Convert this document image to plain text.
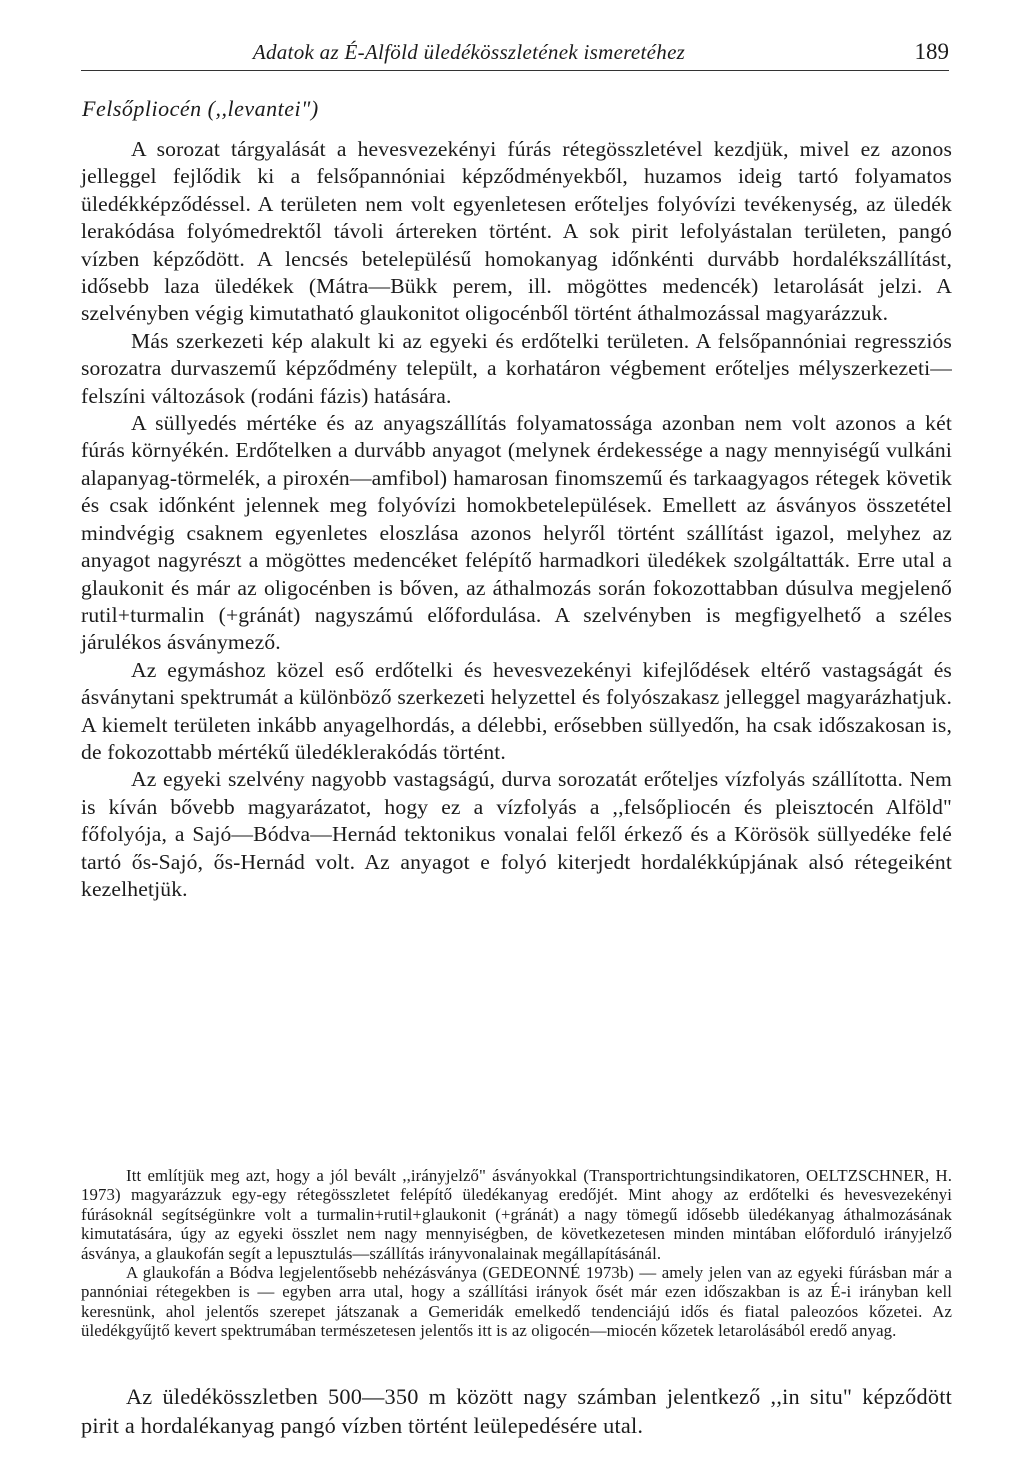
Adatok az É-Alföld üledékösszletének ismeretéhez	189
Felsőpliocén (,,levantei")

A sorozat tárgyalását a hevesvezekényi fúrás rétegösszletével kezdjük, mivel ez azonos jelleggel fejlődik ki a felsőpannóniai képződményekből, huzamos ideig tartó folyamatos üledékképződéssel. A területen nem volt egyenletesen erőteljes folyóvízi tevékenység, az üledék lerakódása folyómedrektől távoli ártereken történt. A sok pirit lefolyástalan területen, pangó vízben képződött. A lencsés betelepülésű homokanyag időnkénti durvább hordalékszállítást, idősebb laza üledékek (Mátra—Bükk perem, ill. mögöttes medencék) letarolását jelzi. A szelvényben végig kimutatható glaukonitot oligocénből történt áthalmozással magyarázzuk.

Más szerkezeti kép alakult ki az egyeki és erdőtelki területen. A felsőpannóniai regressziós sorozatra durvaszemű képződmény települt, a korhatáron végbement erőteljes mélyszerkezeti—felszíni változások (rodáni fázis) hatására.

A süllyedés mértéke és az anyagszállítás folyamatossága azonban nem volt azonos a két fúrás környékén. Erdőtelken a durvább anyagot (melynek érdekessége a nagy mennyiségű vulkáni alapanyag-törmelék, a piroxén—amfibol) hamarosan finomszemű és tarkaagyagos rétegek követik és csak időnként jelennek meg folyóvízi homokbetelepülések. Emellett az ásványos összetétel mindvégig csaknem egyenletes eloszlása azonos helyről történt szállítást igazol, melyhez az anyagot nagyrészt a mögöttes medencéket felépítő harmadkori üledékek szolgáltatták. Erre utal a glaukonit és már az oligocénben is bőven, az áthalmozás során fokozottabban dúsulva megjelenő rutil+turmalin (+gránát) nagyszámú előfordulása. A szelvényben is megfigyelhető a széles járulékos ásványmező.

Az egymáshoz közel eső erdőtelki és hevesvezekényi kifejlődések eltérő vastagságát és ásványtani spektrumát a különböző szerkezeti helyzettel és folyószakasz jelleggel magyarázhatjuk. A kiemelt területen inkább anyagelhordás, a délebbi, erősebben süllyedőn, ha csak időszakosan is, de fokozottabb mértékű üledéklerakódás történt.

Az egyeki szelvény nagyobb vastagságú, durva sorozatát erőteljes vízfolyás szállította. Nem is kíván bővebb magyarázatot, hogy ez a vízfolyás a ,,felsőpliocén és pleisztocén Alföld" főfolyója, a Sajó—Bódva—Hernád tektonikus vonalai felől érkező és a Körösök süllyedéke felé tartó ős-Sajó, ős-Hernád volt. Az anyagot e folyó kiterjedt hordalékkúpjának alsó rétegeiként kezelhetjük.

Itt említjük meg azt, hogy a jól bevált ,,irányjelző" ásványokkal (Transportrichtungsindikatoren, OELTZSCHNER, H. 1973) magyarázzuk egy-egy rétegösszletet felépítő üledékanyag eredőjét. Mint ahogy az erdőtelki és hevesvezekényi fúrásoknál segítségünkre volt a turmalin+rutil+glaukonit (+gránát) a nagy tömegű idősebb üledékanyag áthalmozásának kimutatására, úgy az egyeki összlet nem nagy mennyiségben, de következetesen minden mintában előforduló irányjelző ásványa, a glaukofán segít a lepusztulás—szállítás irányvonalainak megállapításánál.

A glaukofán a Bódva legjelentősebb nehézásványa (GEDEONNÉ 1973b) — amely jelen van az egyeki fúrásban már a pannóniai rétegekben is — egyben arra utal, hogy a szállítási irányok ősét már ezen időszakban is az É-i irányban kell keresnünk, ahol jelentős szerepet játszanak a Gemeridák emelkedő tendenciájú idős és fiatal paleozóos kőzetei. Az üledékgyűjtő kevert spektrumában természetesen jelentős itt is az oligocén—miocén kőzetek letarolásából eredő anyag.

Az üledékösszletben 500—350 m között nagy számban jelentkező ,,in situ" képződött pirit a hordalékanyag pangó vízben történt leülepedésére utal.
